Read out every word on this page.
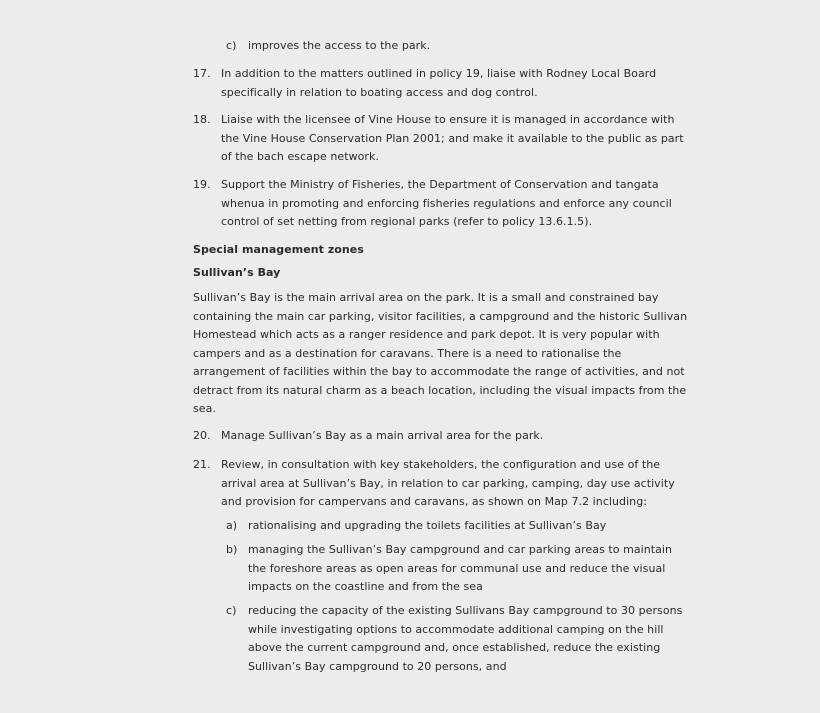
c) improves the access to the park.
17. In addition to the matters outlined in policy 19, liaise with Rodney Local Board
specifically in relation to boating access and dog control.
18. Liaise with the licensee of Vine House to ensure it is managed in accordance with
the Vine House Conservation Plan 2001; and make it available to the public as part
of the bach escape network.
19. Support the Ministry of Fisheries, the Department of Conservation and tangata
whenua in promoting and enforcing fisheries regulations and enforce any council
control of set netting from regional parks (refer to policy 13.6.1.5).
Special management zones
Sullivan’s Bay
Sullivan’s Bay is the main arrival area on the park. It is a small and constrained bay
containing the main car parking, visitor facilities, a campground and the historic Sullivan
Homestead which acts as a ranger residence and park depot. It is very popular with
campers and as a destination for caravans. There is a need to rationalise the
arrangement of facilities within the bay to accommodate the range of activities, and not
detract from its natural charm as a beach location, including the visual impacts from the
sea.
20. Manage Sullivan’s Bay as a main arrival area for the park.
21. Review, in consultation with key stakeholders, the configuration and use of the
arrival area at Sullivan’s Bay, in relation to car parking, camping, day use activity
and provision for campervans and caravans, as shown on Map 7.2 including:
a) rationalising and upgrading the toilets facilities at Sullivan’s Bay
b) managing the Sullivan’s Bay campground and car parking areas to maintain
the foreshore areas as open areas for communal use and reduce the visual
impacts on the coastline and from the sea
c) reducing the capacity of the existing Sullivans Bay campground to 30 persons
while investigating options to accommodate additional camping on the hill
above the current campground and, once established, reduce the existing
Sullivan’s Bay campground to 20 persons, and
